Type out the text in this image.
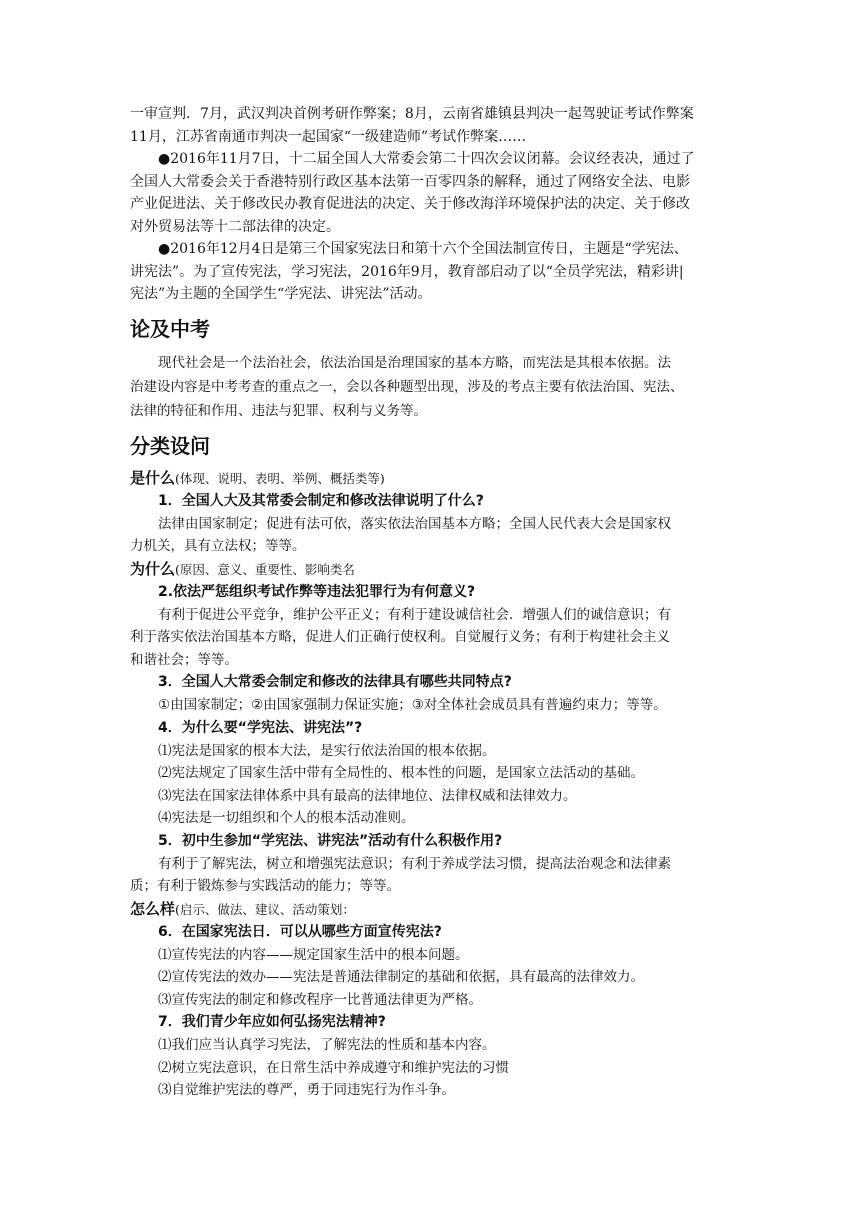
一审宣判．7月，武汉判决首例考研作弊案；8月，云南省雄镇县判决一起驾驶证考试作弊案
11月，江苏省南通市判决一起国家“一级建造师”考试作弊案……

●2016年11月7日，十二届全国人大常委会第二十四次会议闭幕。会议经表决，通过了
全国人大常委会关于香港特别行政区基本法第一百零四条的解释，通过了网络安全法、电影
产业促进法、关于修改民办教育促进法的决定、关于修改海洋环境保护法的决定、关于修改
对外贸易法等十二部法律的决定。

●2016年12月4日是第三个国家宪法日和第十六个全国法制宣传日，主题是“学宪法、
讲宪法”。为了宣传宪法，学习宪法，2016年9月，教育部启动了以“全员学宪法，精彩讲|
宪法”为主题的全国学生“学宪法、讲宪法”活动。

论及中考

现代社会是一个法治社会，依法治国是治理国家的基本方略，而宪法是其根本依据。法
治建设内容是中考考查的重点之一，会以各种题型出现，涉及的考点主要有依法治国、宪法、
法律的特征和作用、违法与犯罪、权利与义务等。

分类设问

是什么(体现、说明、表明、举例、概括类等)

1．全国人大及其常委会制定和修改法律说明了什么?

法律由国家制定；促进有法可依，落实依法治国基本方略；全国人民代表大会是国家权
力机关，具有立法权；等等。

为什么(原因、意义、重要性、影响类名

2.依法严惩组织考试作弊等违法犯罪行为有何意义?

有利于促进公平竞争，维护公平正义；有利于建设诚信社会．增强人们的诚信意识；有
利于落实依法治国基本方略，促进人们正确行使权利。自觉履行义务；有利于构建社会主义
和谐社会；等等。

3．全国人大常委会制定和修改的法律具有哪些共同特点?

①由国家制定；②由国家强制力保证实施；③对全体社会成员具有普遍约束力；等等。

4．为什么要“学宪法、讲宪法”?

⑴宪法是国家的根本大法，是实行依法治国的根本依据。

⑵宪法规定了国家生活中带有全局性的、根本性的问题，是国家立法活动的基础。

⑶宪法在国家法律体系中具有最高的法律地位、法律权威和法律效力。

⑷宪法是一切组织和个人的根本活动准则。

5．初中生参加“学宪法、讲宪法”活动有什么积极作用?

有利于了解宪法，树立和增强宪法意识；有利于养成学法习惯，提高法治观念和法律素
质；有利于锻炼参与实践活动的能力；等等。

怎么样(启示、做法、建议、活动策划：

6．在国家宪法日．可以从哪些方面宣传宪法?

⑴宣传宪法的内容——规定国家生活中的根本问题。

⑵宣传宪法的效办——宪法是普通法律制定的基础和依据，具有最高的法律效力。

⑶宣传宪法的制定和修改程序一比普通法律更为严格。

7．我们青少年应如何弘扬宪法精神?

⑴我们应当认真学习宪法，了解宪法的性质和基本内容。

⑵树立宪法意识，在日常生活中养成遵守和维护宪法的习惯

⑶自觉维护宪法的尊严，勇于同违宪行为作斗争。
